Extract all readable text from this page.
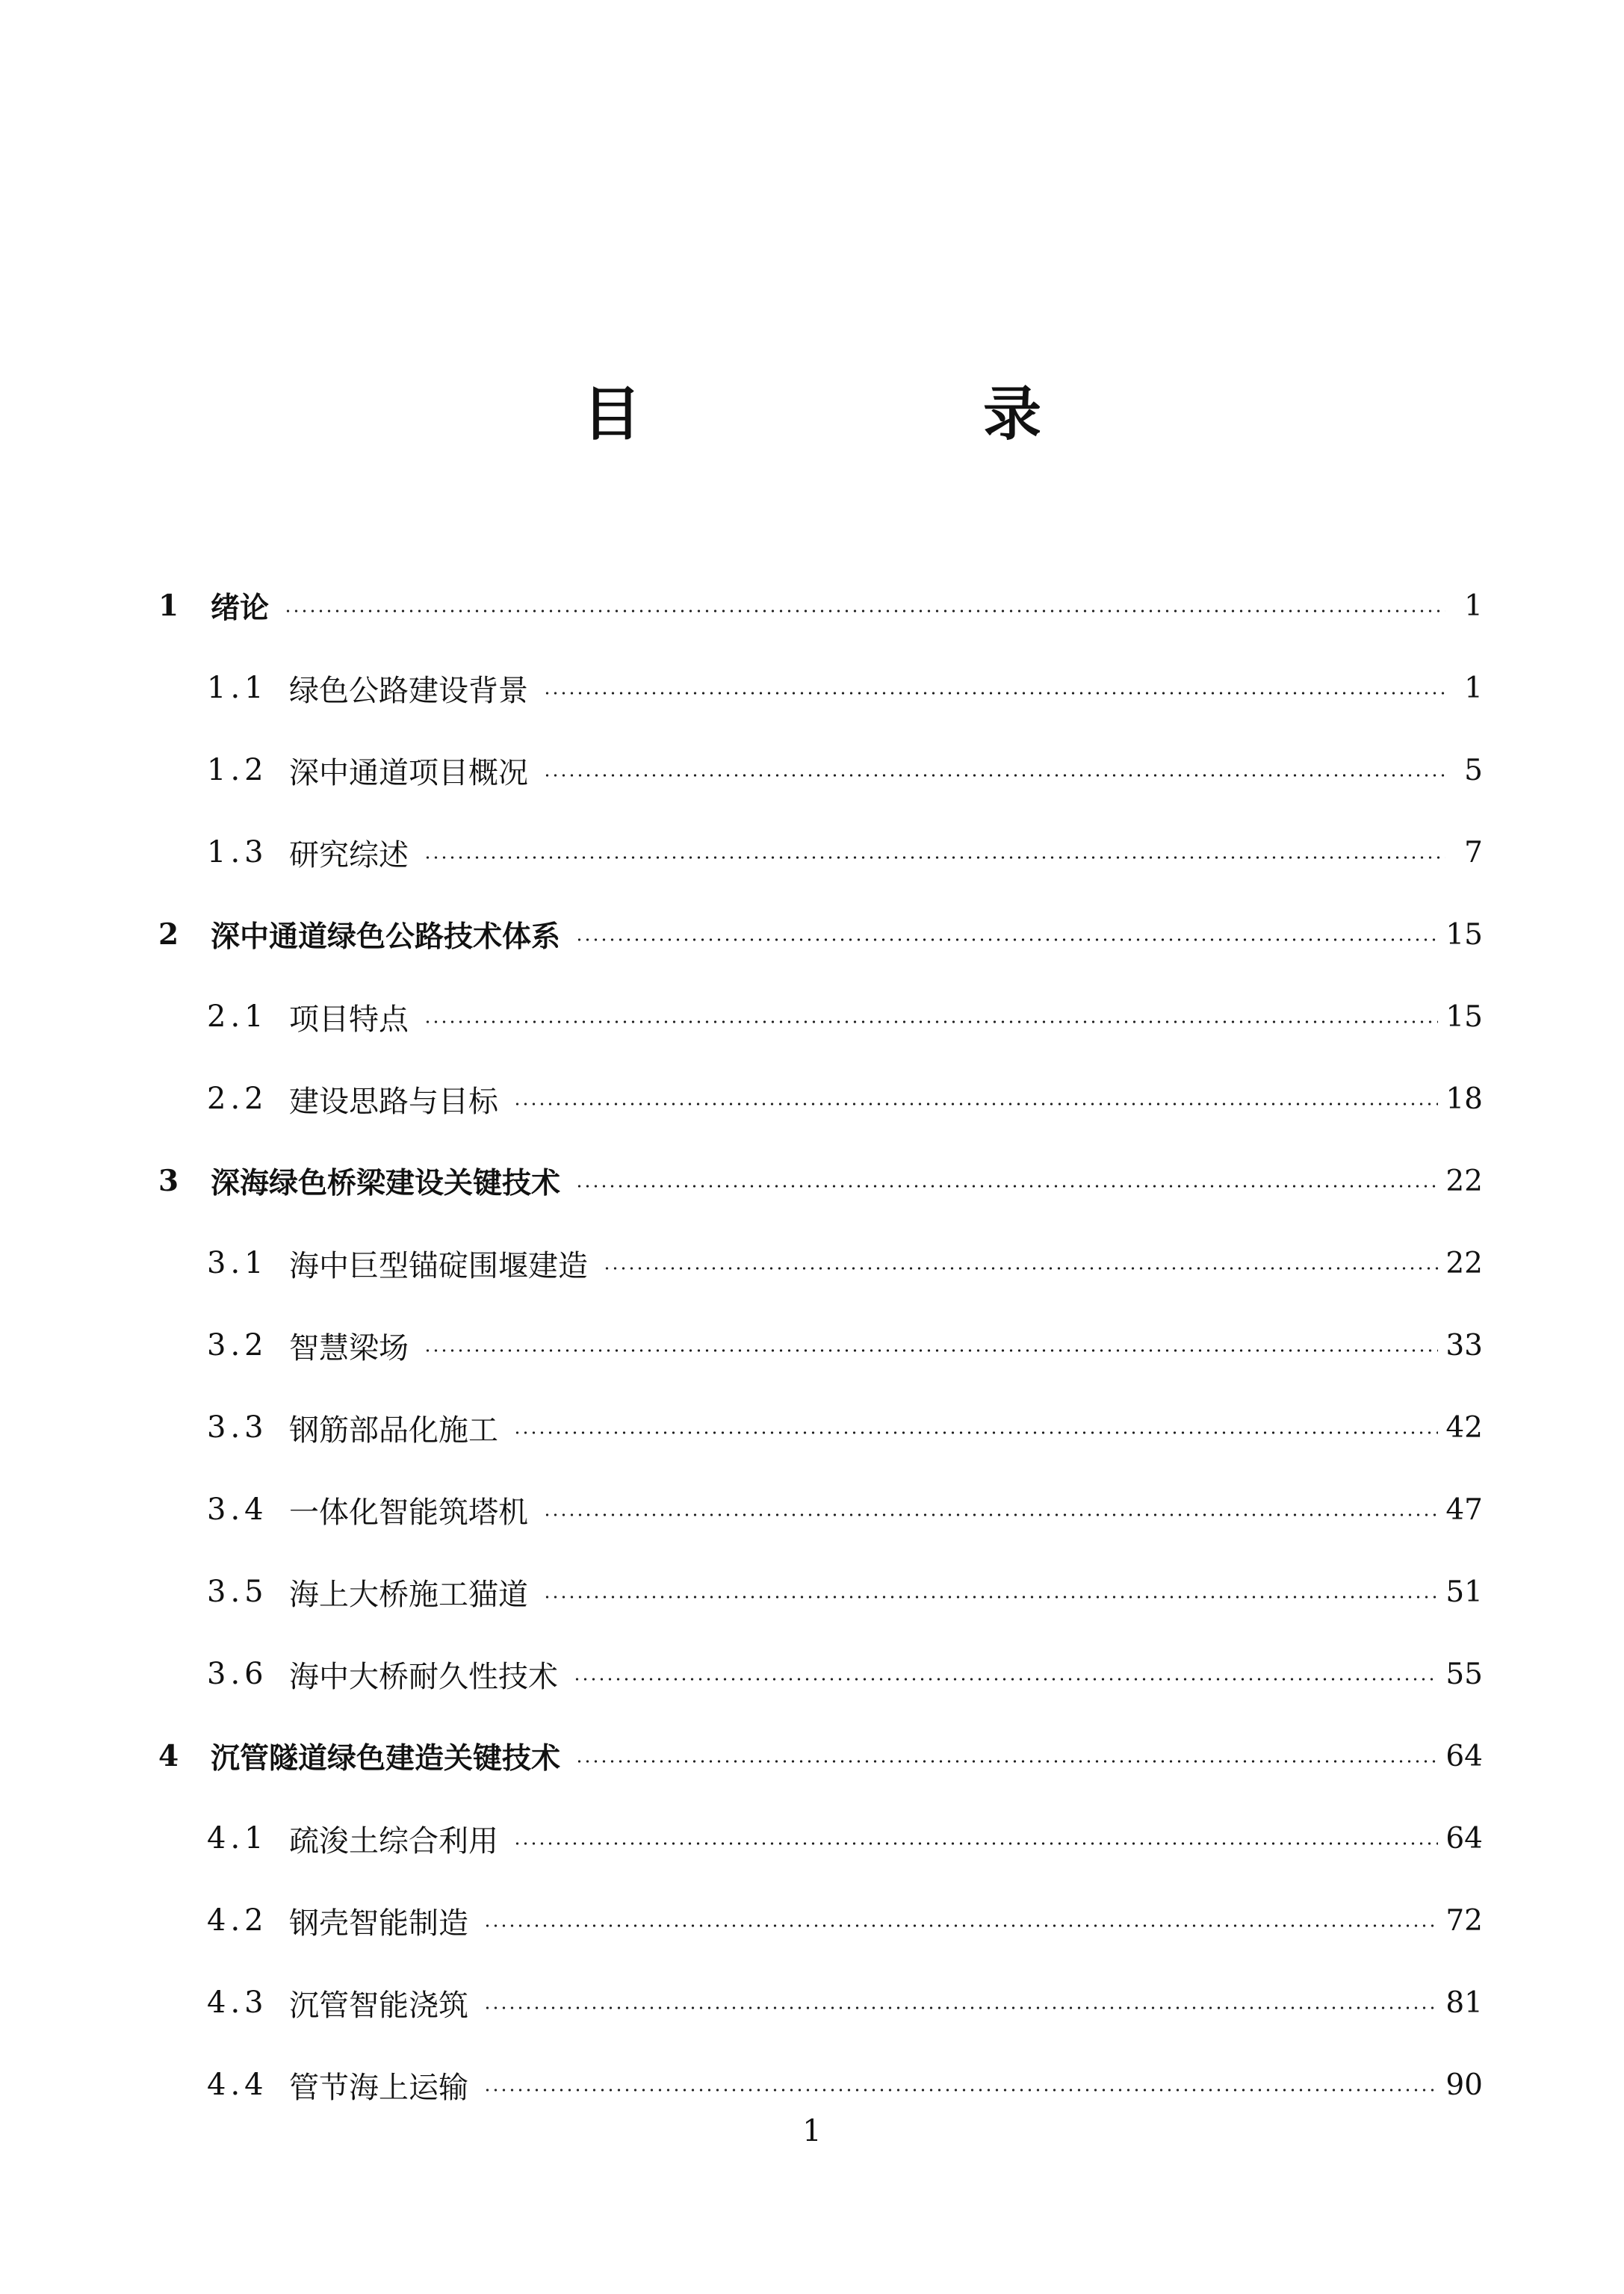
目　录
1	绪论	1
1.1 绿色公路建设背景	1
1.2 深中通道项目概况	5
1.3 研究综述	7
2	深中通道绿色公路技术体系	15
2.1 项目特点	15
2.2 建设思路与目标	18
3	深海绿色桥梁建设关键技术	22
3.1 海中巨型锚碇围堰建造	22
3.2 智慧梁场	33
3.3 钢筋部品化施工	42
3.4 一体化智能筑塔机	47
3.5 海上大桥施工猫道	51
3.6 海中大桥耐久性技术	55
4	沉管隧道绿色建造关键技术	64
4.1 疏浚土综合利用	64
4.2 钢壳智能制造	72
4.3 沉管智能浇筑	81
4.4 管节海上运输	90
1
